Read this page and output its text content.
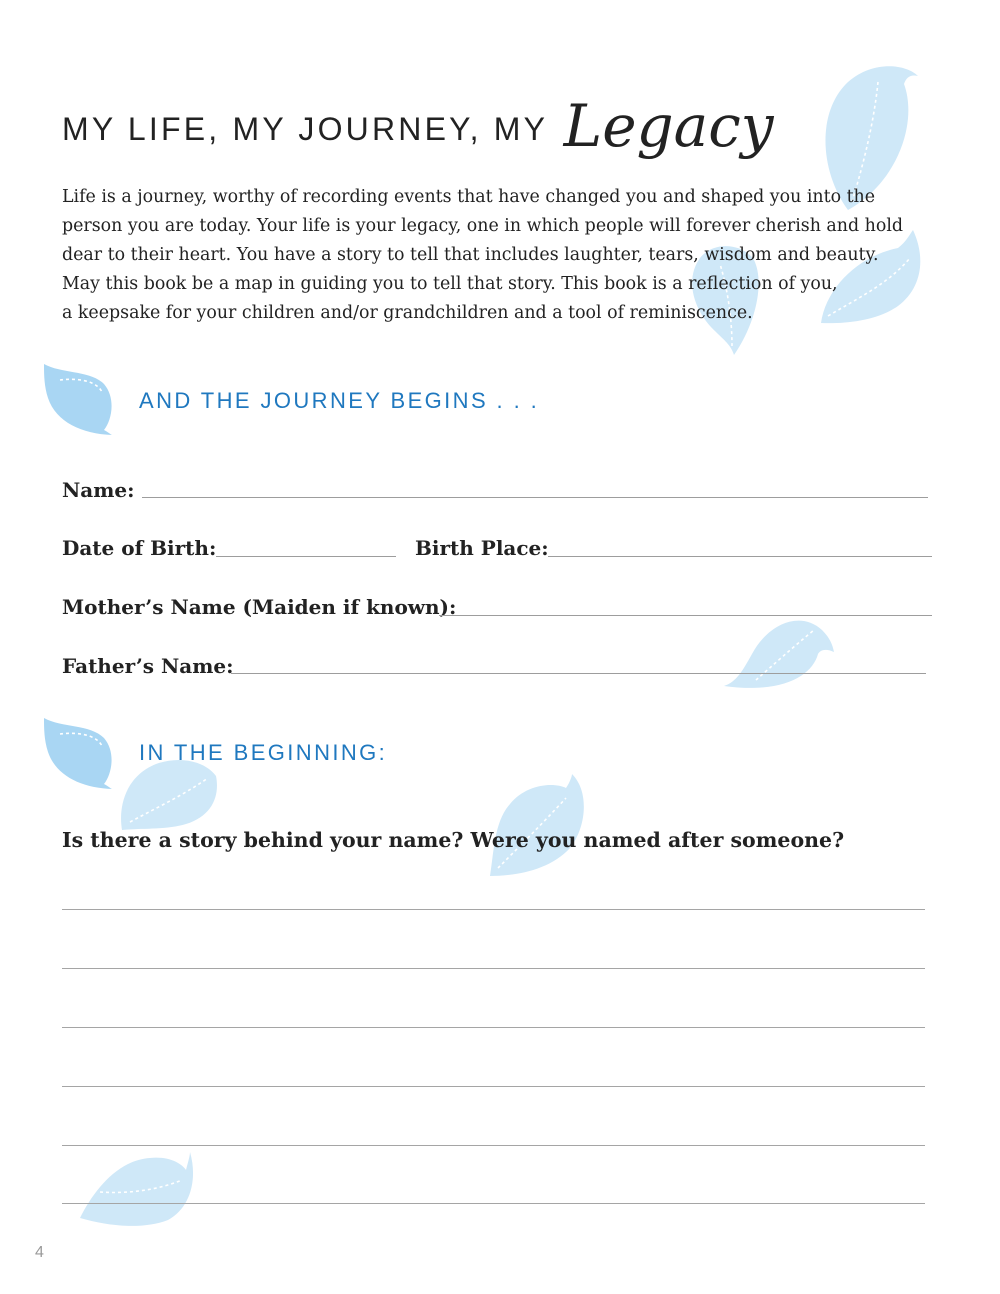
MY LIFE, MY JOURNEY, MY Legacy

Life is a journey, worthy of recording events that have changed you and shaped you into the
person you are today. Your life is your legacy, one in which people will forever cherish and hold
dear to their heart. You have a story to tell that includes laughter, tears, wisdom and beauty.
May this book be a map in guiding you to tell that story. This book is a reflection of you,
a keepsake for your children and/or grandchildren and a tool of reminiscence.

AND THE JOURNEY BEGINS . . .
Name:
Date of Birth:	Birth Place:
Mother’s Name (Maiden if known):
Father’s Name:
IN THE BEGINNING:

Is there a story behind your name? Were you named after someone?

4
